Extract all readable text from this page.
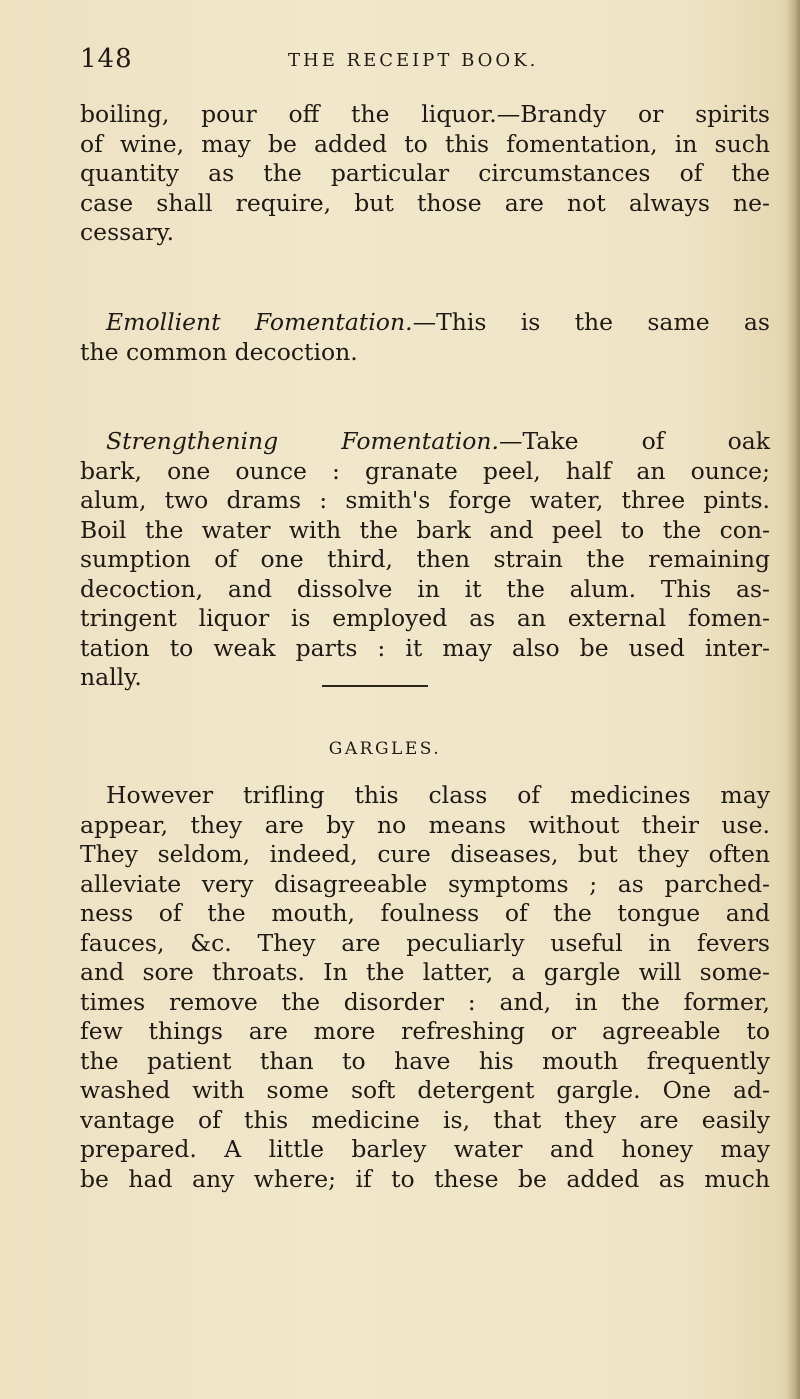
148	THE RECEIPT BOOK.
boiling, pour off the liquor.—Brandy or spirits
of wine, may be added to this fomentation, in such
quantity as the particular circumstances of the
case shall require, but those are not always ne-
cessary.
Emollient Fomentation.—This is the same as
the common decoction.
Strengthening Fomentation.—Take of oak
bark, one ounce : granate peel, half an ounce;
alum, two drams : smith's forge water, three pints.
Boil the water with the bark and peel to the con-
sumption of one third, then strain the remaining
decoction, and dissolve in it the alum. This as-
tringent liquor is employed as an external fomen-
tation to weak parts : it may also be used inter-
nally.
GARGLES.
However trifling this class of medicines may
appear, they are by no means without their use.
They seldom, indeed, cure diseases, but they often
alleviate very disagreeable symptoms ; as parched-
ness of the mouth, foulness of the tongue and
fauces, &c. They are peculiarly useful in fevers
and sore throats. In the latter, a gargle will some-
times remove the disorder : and, in the former,
few things are more refreshing or agreeable to
the patient than to have his mouth frequently
washed with some soft detergent gargle. One ad-
vantage of this medicine is, that they are easily
prepared. A little barley water and honey may
be had any where; if to these be added as much
